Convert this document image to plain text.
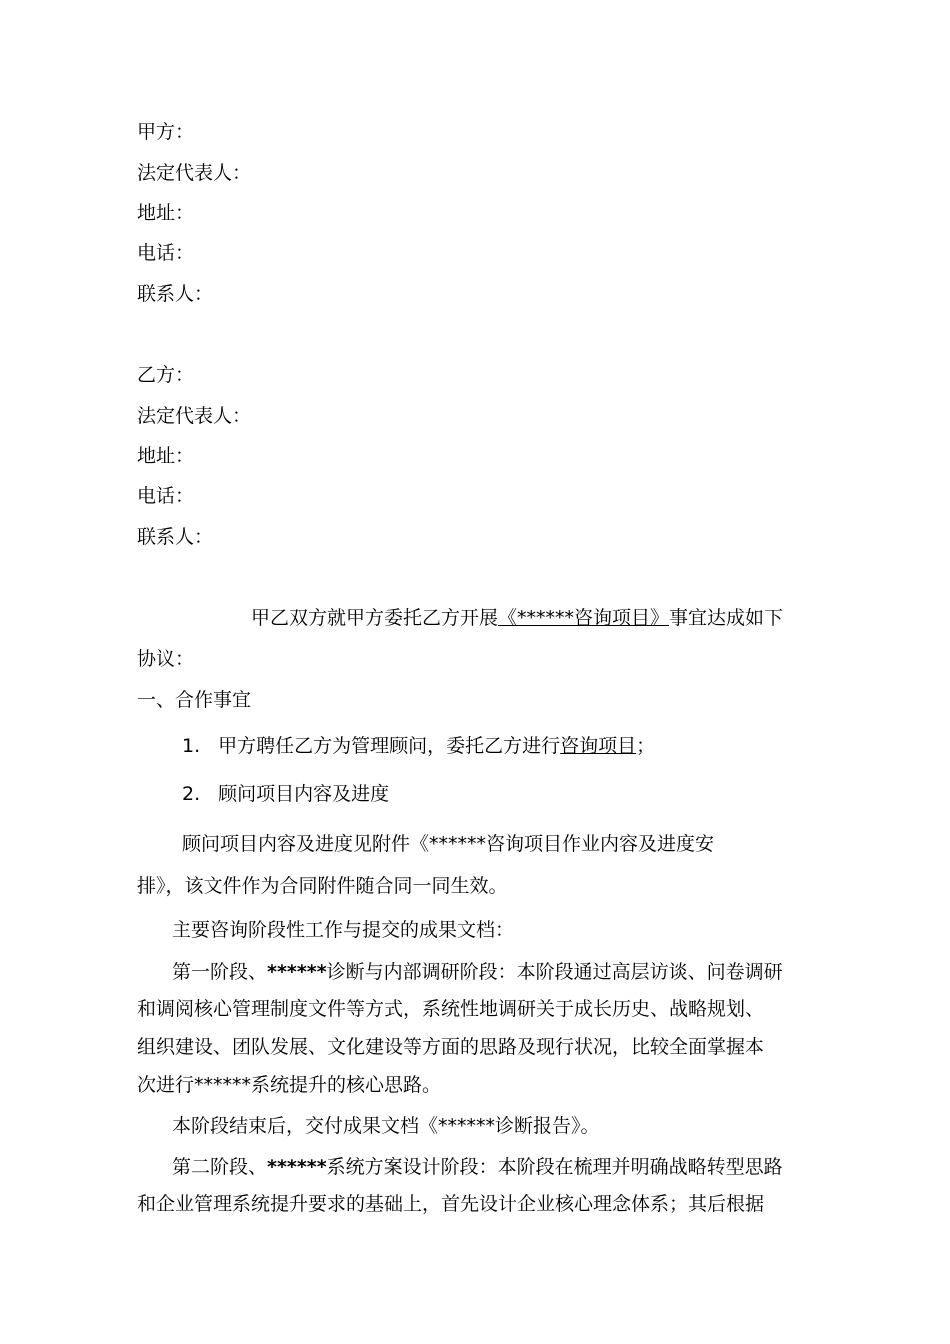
甲方：
法定代表人：
地址：
电话：
联系人：
乙方：
法定代表人：
地址：
电话：
联系人：
甲乙双方就甲方委托乙方开展《******咨询项目》事宜达成如下
协议：
一、合作事宜
1. 甲方聘任乙方为管理顾问，委托乙方进行咨询项目；
2. 顾问项目内容及进度
顾问项目内容及进度见附件《******咨询项目作业内容及进度安
排》，该文件作为合同附件随合同一同生效。
主要咨询阶段性工作与提交的成果文档：
第一阶段、******诊断与内部调研阶段：本阶段通过高层访谈、问卷调研
和调阅核心管理制度文件等方式，系统性地调研关于成长历史、战略规划、
组织建设、团队发展、文化建设等方面的思路及现行状况，比较全面掌握本
次进行******系统提升的核心思路。
本阶段结束后，交付成果文档《******诊断报告》。
第二阶段、******系统方案设计阶段：本阶段在梳理并明确战略转型思路
和企业管理系统提升要求的基础上，首先设计企业核心理念体系；其后根据
